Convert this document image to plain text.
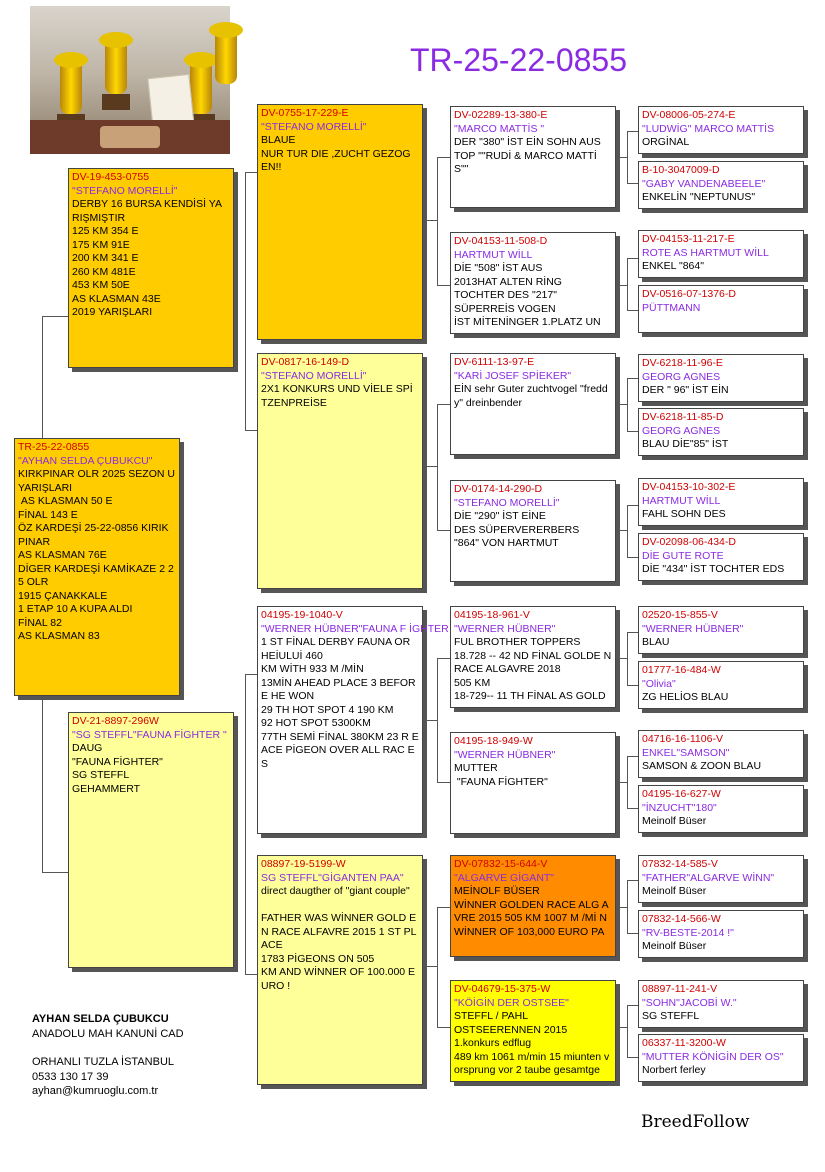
TR-25-22-0855
TR-25-22-0855
"AYHAN SELDA ÇUBUKCU"
KIRKPINAR OLR 2025 SEZON U YARIŞLARI
AS KLASMAN 50 E
FİNAL 143 E
ÖZ KARDEŞİ 25-22-0856 KIRIK PINAR
AS KLASMAN 76E
DİGER KARDEŞİ KAMİKAZE 2 25 OLR
1915 ÇANAKKALE
1 ETAP 10 A KUPA ALDI
FİNAL 82
AS KLASMAN 83
DV-19-453-0755
"STEFANO MORELLİ"
DERBY 16 BURSA KENDİSİ YA RIŞMIŞTIR
125 KM 354 E
175 KM 91E
200 KM 341 E
260 KM 481E
453 KM 50E
AS KLASMAN 43E
2019 YARIŞLARI
DV-21-8897-296W
"SG STEFFL"FAUNA FİGHTER "
DAUG
"FAUNA FİGHTER"
SG STEFFL
GEHAMMERT
DV-0755-17-229-E
"STEFANO MORELLİ"
BLAUE
NUR TUR DIE ,ZUCHT GEZOG EN!!
DV-0817-16-149-D
"STEFANO MORELLİ"
2X1 KONKURS UND VİELE SPİ TZENPREİSE
04195-19-1040-V
"WERNER HÜBNER"FAUNA F İGHTER
1 ST FİNAL DERBY FAUNA OR HEİULUİ 460
KM WİTH 933 M /MİN
13MİN AHEAD PLACE 3 BEFORE HE WON
29 TH HOT SPOT 4 190 KM
92 HOT SPOT 5300KM
77TH SEMİ FİNAL 380KM 23 R E ACE PİGEON OVER ALL RAC ES
08897-19-5199-W
SG STEFFL"GİGANTEN PAA"
direct daugther of "giant couple"

FATHER WAS WİNNER GOLD EN RACE ALFAVRE 2015 1 ST PLACE
1783 PİGEONS ON 505
KM AND WİNNER OF 100.000 EURO !
DV-02289-13-380-E
"MARCO MATTİS "
DER "380" İST EİN SOHN AUS  TOP ""RUDİ & MARCO MATTİ S""
DV-04153-11-508-D
HARTMUT WİLL
DİE "508" İST AUS
2013HAT ALTEN RİNG
TOCHTER DES "217"
SÜPERREİS VOGEN
İST MİTENİNGER 1.PLATZ UN
DV-6111-13-97-E
"KARİ JOSEF SPİEKER"
EİN sehr Guter zuchtvogel "freddy" dreinbender
DV-0174-14-290-D
"STEFANO MORELLİ"
DİE "290" İST EİNE
DES SÜPERVERERBERS
"864" VON HARTMUT
04195-18-961-V
"WERNER HÜBNER"
FUL BROTHER TOPPERS
18.728 -- 42 ND FİNAL GOLDE N RACE ALGAVRE 2018
505 KM
18-729-- 11 TH FİNAL AS GOLD
04195-18-949-W
"WERNER HÜBNER"
MUTTER
"FAUNA FİGHTER"
DV-07832-15-644-V
"ALGARVE GİGANT"
MEİNOLF BÜSER
WİNNER GOLDEN RACE ALG AVRE 2015 505 KM 1007 M /Mİ N
WİNNER OF 103,000 EURO PA
DV-04679-15-375-W
"KÖİGİN DER OSTSEE"
STEFFL / PAHL
OSTSEERENNEN 2015
1.konkurs edflug
489 km 1061 m/min 15 miunten vorsprung vor 2 taube gesamtge
DV-08006-05-274-E
"LUDWİG" MARCO MATTİS
ORGİNAL
B-10-3047009-D
"GABY VANDENABEELE"
ENKELİN "NEPTUNUS"
DV-04153-11-217-E
ROTE AS HARTMUT WİLL
ENKEL "864"
DV-0516-07-1376-D
PÜTTMANN
DV-6218-11-96-E
GEORG AGNES
DER " 96" İST EİN
DV-6218-11-85-D
GEORG AGNES
BLAU DİE"85" İST
DV-04153-10-302-E
HARTMUT WİLL
FAHL SOHN DES
DV-02098-06-434-D
DİE GUTE ROTE
DİE "434" İST TOCHTER EDS
02520-15-855-V
"WERNER HÜBNER"
BLAU
01777-16-484-W
"Olivia"
ZG HELİOS BLAU
04716-16-1106-V
ENKEL"SAMSON"
SAMSON & ZOON BLAU
04195-16-627-W
"İNZUCHT"180"
Meinolf Büser
07832-14-585-V
"FATHER"ALGARVE WİNN"
Meinolf Büser
07832-14-566-W
"RV-BESTE-2014 !"
Meinolf Büser
08897-11-241-V
"SOHN"JACOBİ W."
SG STEFFL
06337-11-3200-W
"MUTTER KÖNİGİN DER OS"
Norbert ferley
AYHAN SELDA ÇUBUKCU
ANADOLU MAH KANUNİ CAD
ORHANLI TUZLA İSTANBUL
0533 130 17 39
ayhan@kumruoglu.com.tr
BreedFollow
